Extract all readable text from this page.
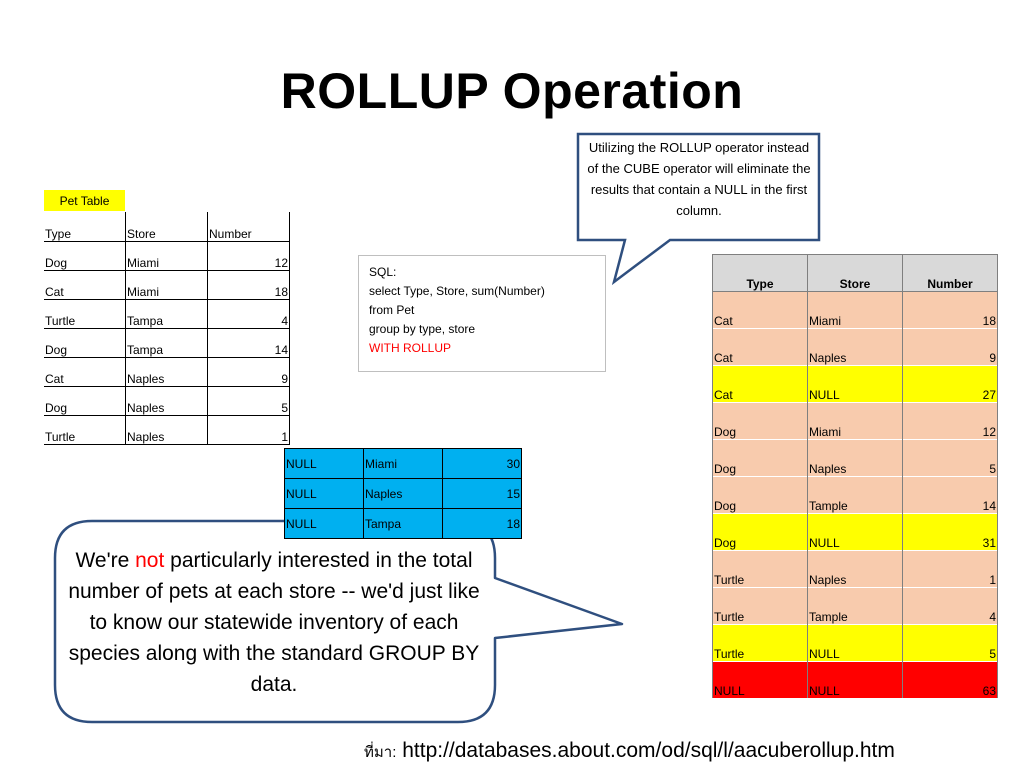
ROLLUP Operation
Utilizing the ROLLUP operator instead of the CUBE operator will eliminate the results that contain a NULL in the first column.
Pet Table
Type	Store	Number
Dog	Miami	12
Cat	Miami	18
Turtle	Tampa	4
Dog	Tampa	14
Cat	Naples	9
Dog	Naples	5
Turtle	Naples	1
SQL:
select Type, Store, sum(Number)
from Pet
group by type, store
WITH ROLLUP
NULL	Miami	30
NULL	Naples	15
NULL	Tampa	18
Type	Store	Number
Cat	Miami	18
Cat	Naples	9
Cat	NULL	27
Dog	Miami	12
Dog	Naples	5
Dog	Tample	14
Dog	NULL	31
Turtle	Naples	1
Turtle	Tample	4
Turtle	NULL	5
NULL	NULL	63
We're not particularly interested in the total number of pets at each store -- we'd just like to know our statewide inventory of each species along with the standard GROUP BY data.
ที่มา: http://databases.about.com/od/sql/l/aacuberollup.htm
